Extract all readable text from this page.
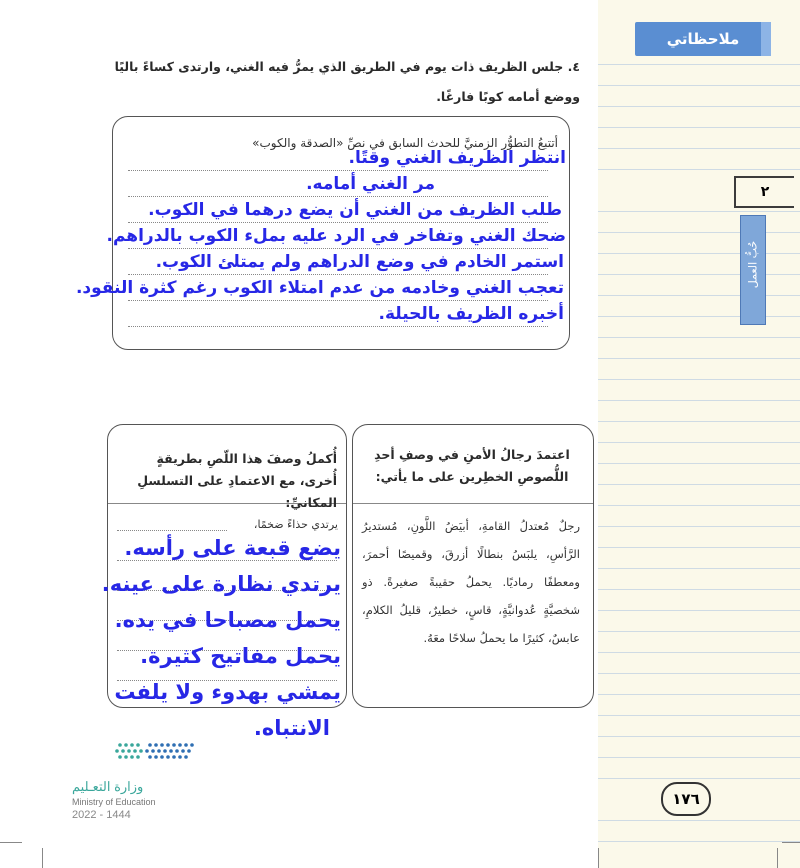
ملاحظاتي
٢
حُبُّ العمل
١٧٦
٤. جلس الظريف ذات يوم في الطريق الذي يمرُّ فيه الغني، وارتدى كساءً باليًا ووضع أمامه كوبًا فارغًا.
أتتبعُ التطوُّر الزمنيَّ للحدث السابق في نصِّ «الصدقة والكوب»
انتظر الظريف الغني وقتًا.
مر الغني أمامه.
طلب الظريف من الغني أن يضع درهما في الكوب.
ضحك الغني وتفاخر في الرد عليه بملء الكوب بالدراهم.
استمر الخادم في وضع الدراهم ولم يمتلئ الكوب.
تعجب الغني وخادمه من عدم امتلاء الكوب رغم كثرة النقود.
أخبره الظريف بالحيلة.
اعتمدَ رجالُ الأمنِ في وصفِ أحدِ اللُّصوصِ الخطِرين على ما يأتي:
رجلٌ مُعتدلُ القامةِ، أبيَضُ اللَّونِ، مُستديرُ الرَّأسِ، يلبَسُ بنطالًا أزرقَ، وقميصًا أحمرَ، ومعطفًا رماديًا. يحملُ حقيبةً صغيرةً. ذو شخصيَّةٍ عُدوانيَّةٍ، قاسٍ، خطيرٌ، قليلُ الكلامِ، عابسٌ، كثيرًا ما يحملُ سلاحًا معَهُ.
أُكملُ وصفَ هذا اللّصِ بطريقةٍ أُخرى، مع الاعتمادِ على التسلسلِ المكانيِّ:
يرتدي حذاءً ضخمًا،
يضع قبعة على رأسه.
يرتدي نظارة على عينه.
يحمل مصباحا في يده.
يحمل مفاتيح كثيرة.
يمشي بهدوء ولا يلفت
الانتباه.
وزارة التعـليم
Ministry of Education
2022 - 1444
